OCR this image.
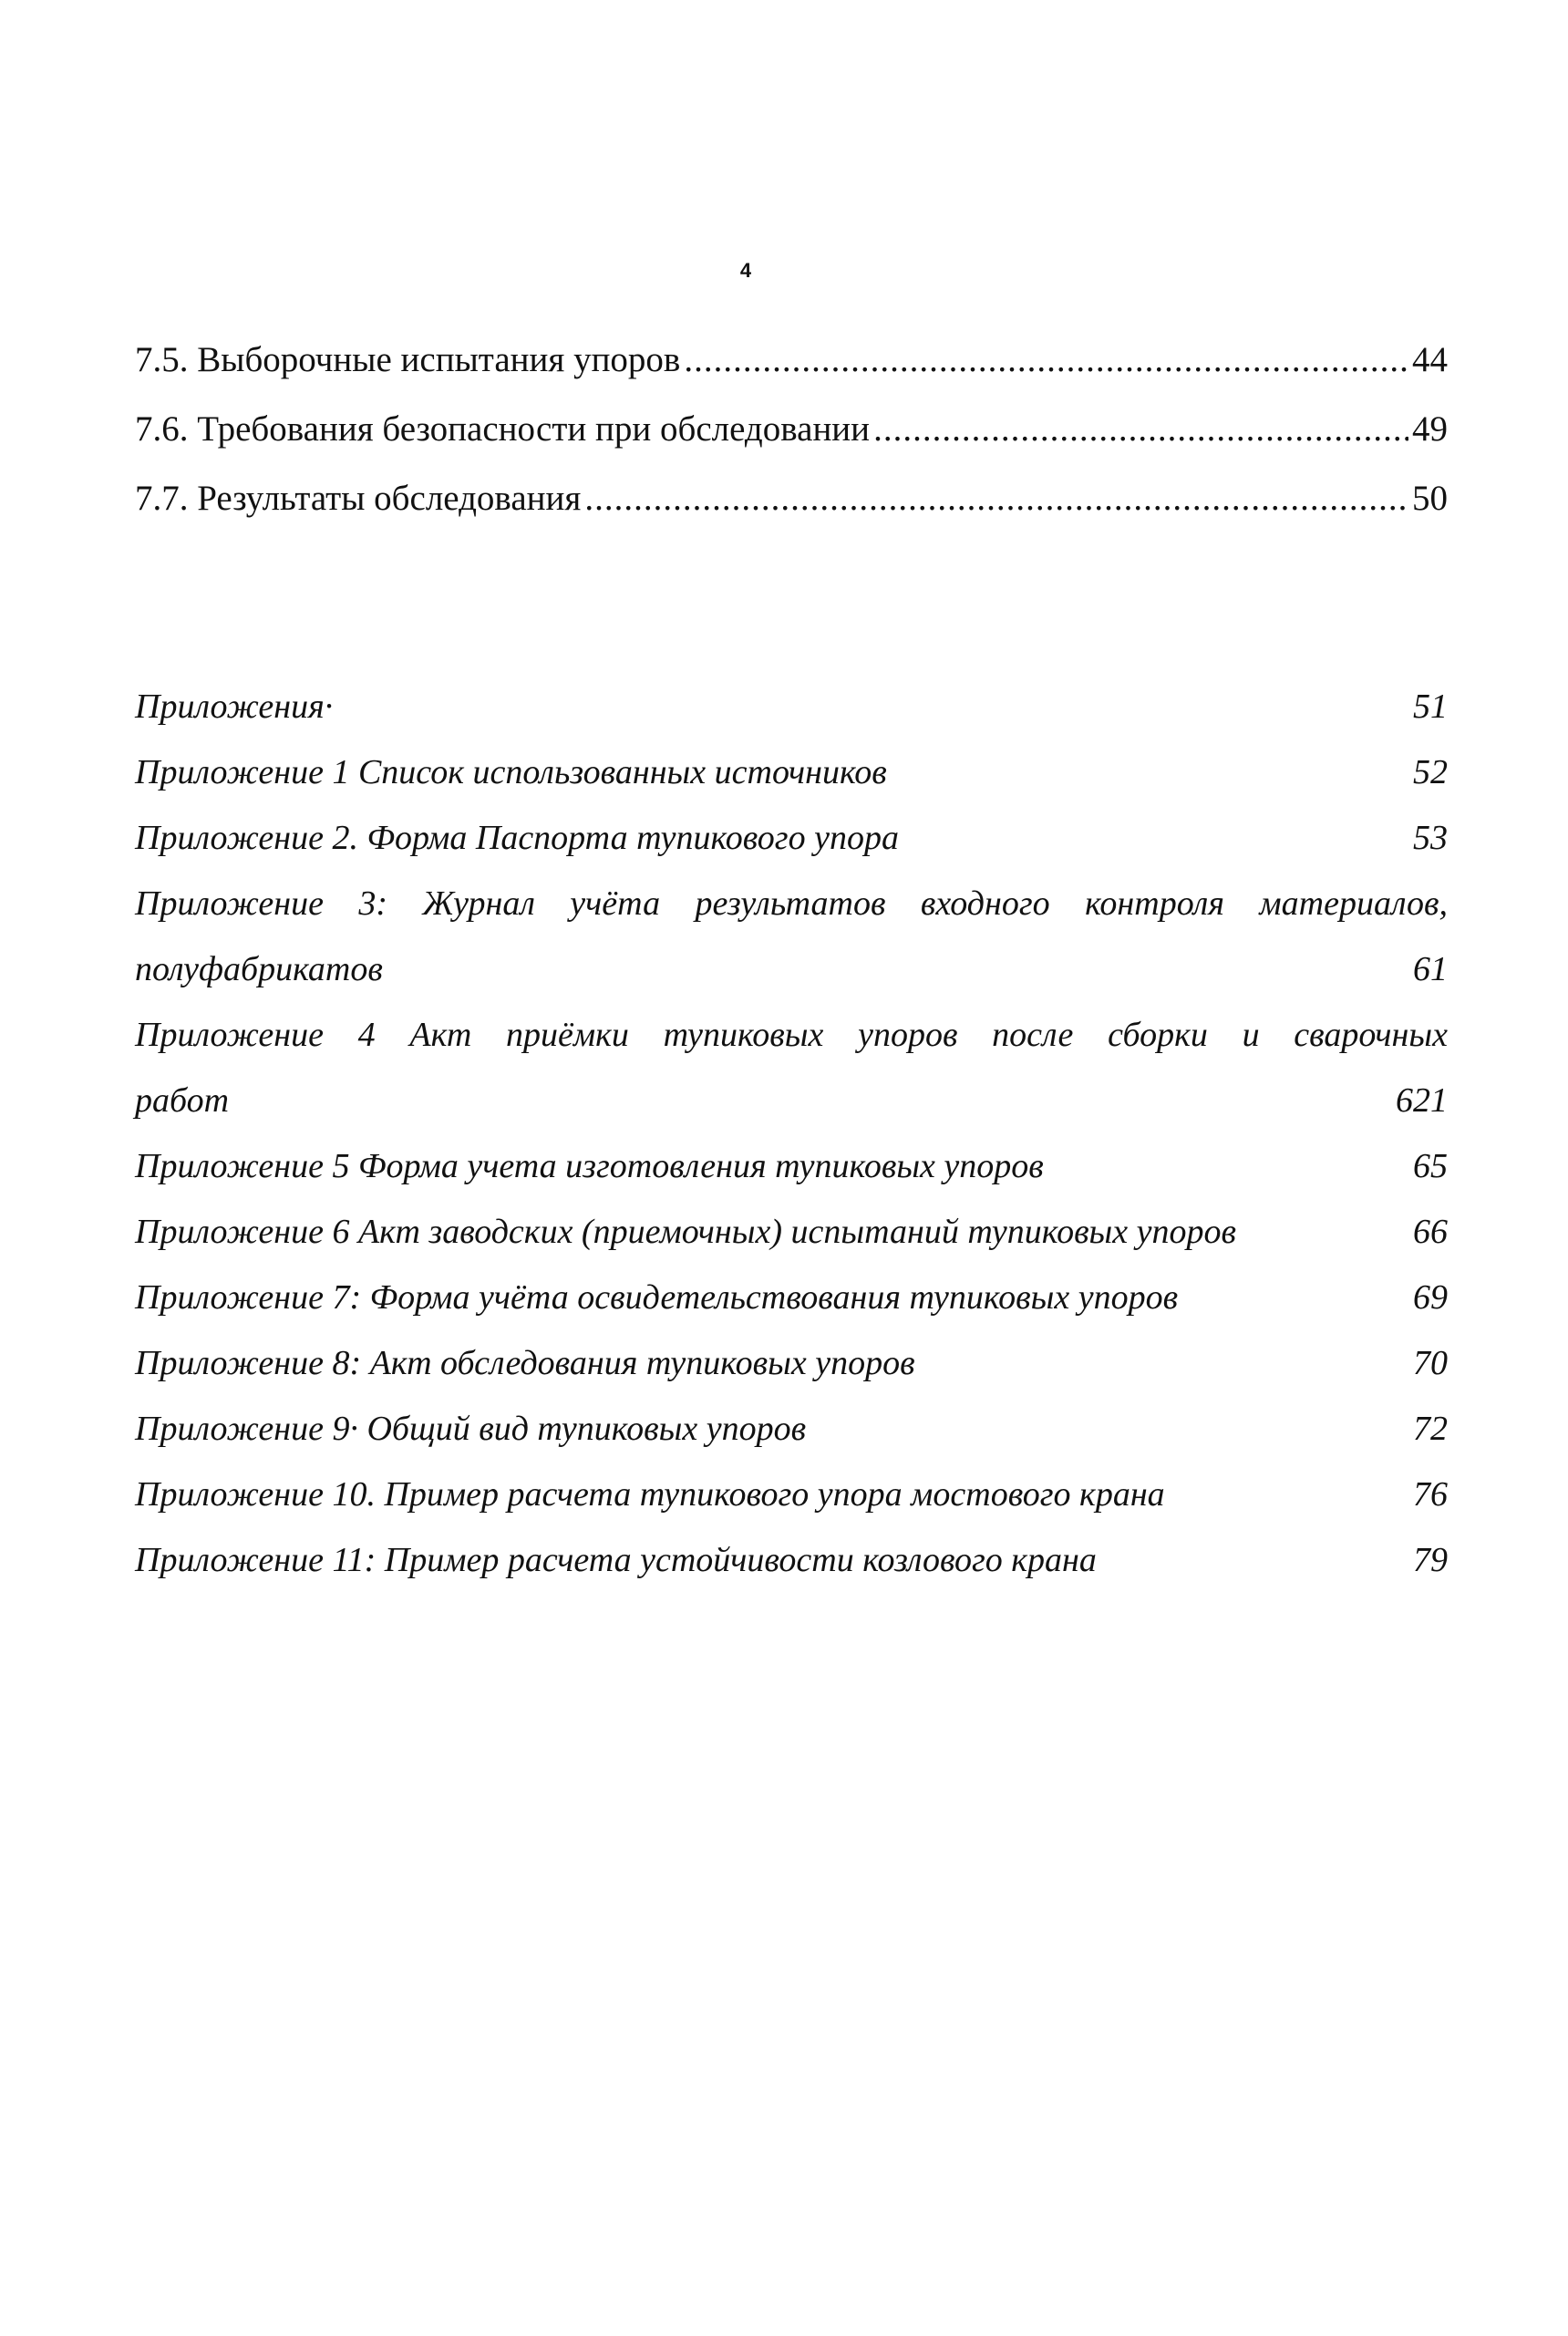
4
7.5. Выборочные испытания упоров .....	44
7.6. Требования безопасности при обследовании .....	49
7.7. Результаты обследования .....	50
Приложения·	51
Приложение 1 Список использованных источников	52
Приложение 2. Форма Паспорта тупикового упора	53
Приложение 3: Журнал учёта результатов входного контроля материалов,
полуфабрикатов	61
Приложение 4 Акт приёмки тупиковых упоров после сборки и сварочных
работ	621
Приложение 5 Форма учета изготовления тупиковых упоров	65
Приложение 6 Акт заводских (приемочных) испытаний тупиковых упоров	66
Приложение 7: Форма учёта освидетельствования тупиковых упоров	69
Приложение 8: Акт обследования тупиковых упоров	70
Приложение 9· Общий вид тупиковых упоров	72
Приложение 10. Пример расчета тупикового упора мостового крана	76
Приложение 11: Пример расчета устойчивости козлового крана	79
